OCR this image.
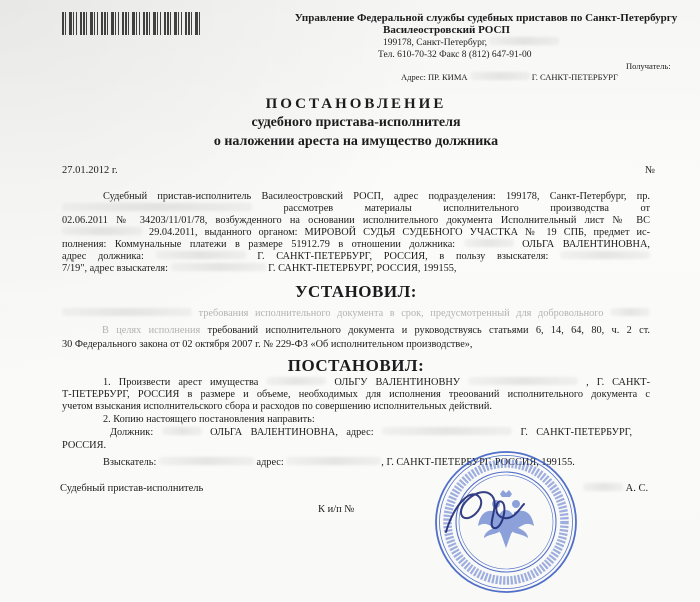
Управление Федеральной службы судебных приставов по Санкт-Петербургу
Василеостровский РОСП
199178, Санкт-Петербург,
Тел. 610-70-32 Факс 8 (812) 647-91-00
Получатель:
Адрес: ПР. КИМА	Г. САНКТ-ПЕТЕРБУРГ
ПОСТАНОВЛЕНИЕ
судебного пристава-исполнителя
о наложении ареста на имущество должника
27.01.2012 г.	№
Судебный пристав-исполнитель Василеостровский РОСП, адрес подразделения: 199178, Санкт-Петербург, пр.
рассмотрев материалы исполнительного производства от
02.06.2011 № 34203/11/01/78, возбужденного на основании исполнительного документа Исполнительный лист № ВС
29.04.2011, выданного органом: МИРОВОЙ СУДЬЯ СУДЕБНОГО УЧАСТКА № 19 СПБ, предмет ис-
полнения: Коммунальные платежи в размере 51912.79 в отношении должника:	ОЛЬГА ВАЛЕНТИНОВНА,
адрес должника:	Г. САНКТ-ПЕТЕРБУРГ, РОССИЯ, в пользу взыскателя:
7/19", адрес взыскателя:	Г. САНКТ-ПЕТЕРБУРГ, РОССИЯ, 199155,
УСТАНОВИЛ:
требования исполнительного документа в срок, предусмотренный для добровольного
В целях исполнения требований исполнительного документа и руководствуясь статьями 6, 14, 64, 80, ч. 2 ст.
30 Федерального закона от 02 октября 2007 г. № 229-ФЗ «Об исполнительном производстве»,
ПОСТАНОВИЛ:
1. Произвести арест имущества	ОЛЬГУ ВАЛЕНТИНОВНУ	, Г. САНКТ-
Т-ПЕТЕРБУРГ, РОССИЯ в размере и объеме, необходимых для исполнения треоований исполнительного документа с
учетом взыскания исполнительского сбора и расходов по совершению исполнительных действий.
2. Копию настоящего постановления направить:
Должник:	ОЛЬГА ВАЛЕНТИНОВНА, адрес:	Г. САНКТ-ПЕТЕРБУРГ,
РОССИЯ.
Взыскатель:	адрес:	, Г. САНКТ-ПЕТЕРБУРГ, РОССИЯ, 199155.
Судебный пристав-исполнитель	А. С.
К и/п №
